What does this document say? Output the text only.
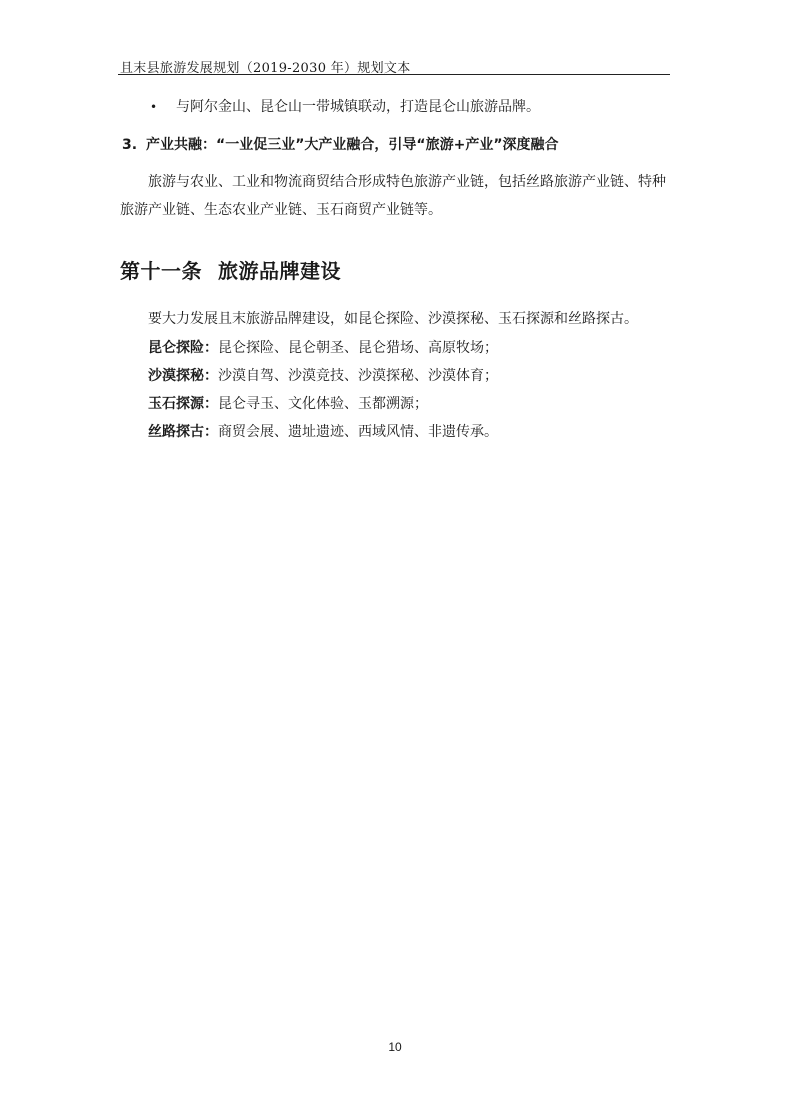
且末县旅游发展规划（2019-2030 年）规划文本
• 与阿尔金山、昆仑山一带城镇联动，打造昆仑山旅游品牌。
3. 产业共融：“一业促三业”大产业融合，引导“旅游+产业”深度融合
旅游与农业、工业和物流商贸结合形成特色旅游产业链，包括丝路旅游产业链、特种旅游产业链、生态农业产业链、玉石商贸产业链等。
第十一条 旅游品牌建设
要大力发展且末旅游品牌建设，如昆仑探险、沙漠探秘、玉石探源和丝路探古。
昆仑探险：昆仑探险、昆仑朝圣、昆仑猎场、高原牧场；
沙漠探秘：沙漠自驾、沙漠竞技、沙漠探秘、沙漠体育；
玉石探源：昆仑寻玉、文化体验、玉都溯源；
丝路探古：商贸会展、遗址遗迹、西域风情、非遗传承。
10
